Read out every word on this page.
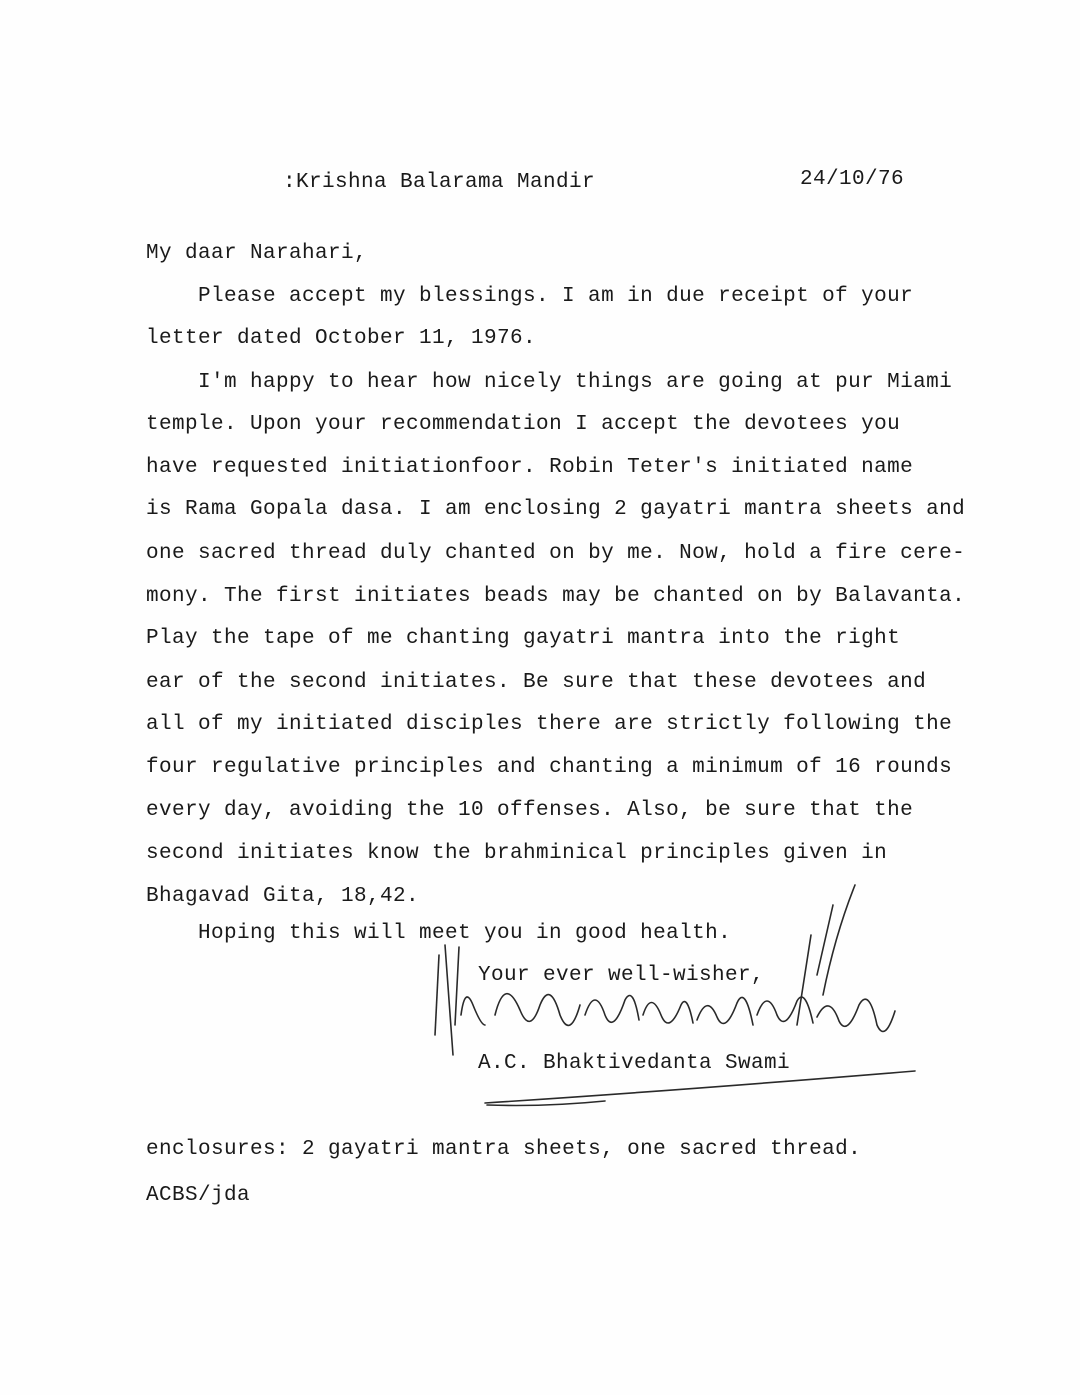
:Krishna Balarama Mandir	24/10/76
My daar Narahari,
Please accept my blessings. I am in due receipt of your
letter dated October 11, 1976.
I'm happy to hear how nicely things are going at pur Miami
temple. Upon your recommendation I accept the devotees you
have requested initiationfoor. Robin Teter's initiated name
is Rama Gopala dasa. I am enclosing 2 gayatri mantra sheets and
one sacred thread duly chanted on by me. Now, hold a fire cere-
mony. The first initiates beads may be chanted on by Balavanta.
Play the tape of me chanting gayatri mantra into the right
ear of the second initiates. Be sure that these devotees and
all of my initiated disciples there are strictly following the
four regulative principles and chanting a minimum of 16 rounds
every day, avoiding the 10 offenses. Also, be sure that the
second initiates know the brahminical principles given in
Bhagavad Gita, 18,42.
Hoping this will meet you in good health.
Your ever well-wisher,
A.C. Bhaktivedanta Swami
enclosures: 2 gayatri mantra sheets, one sacred thread.
ACBS/jda
